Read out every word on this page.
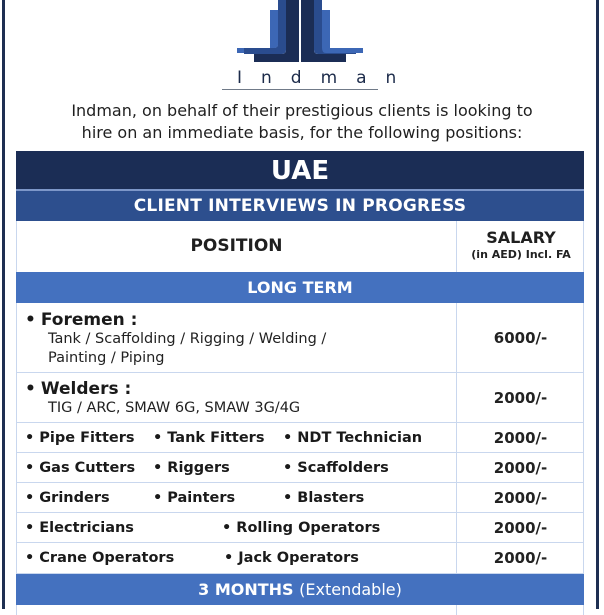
Indman
Indman, on behalf of their prestigious clients is looking to
hire on an immediate basis, for the following positions:
UAE
CLIENT INTERVIEWS IN PROGRESS
POSITION	SALARY
(in AED) Incl. FA
LONG TERM
• Foremen :
Tank / Scaffolding / Rigging / Welding /
Painting / Piping
6000/-
• Welders :
TIG / ARC, SMAW 6G, SMAW 3G/4G
2000/-
• Pipe Fitters • Tank Fitters • NDT Technician	2000/-
• Gas Cutters • Riggers	• Scaffolders	2000/-
• Grinders	• Painters	• Blasters	2000/-
• Electricians	• Rolling Operators	2000/-
• Crane Operators	• Jack Operators	2000/-
3 MONTHS (Extendable)
